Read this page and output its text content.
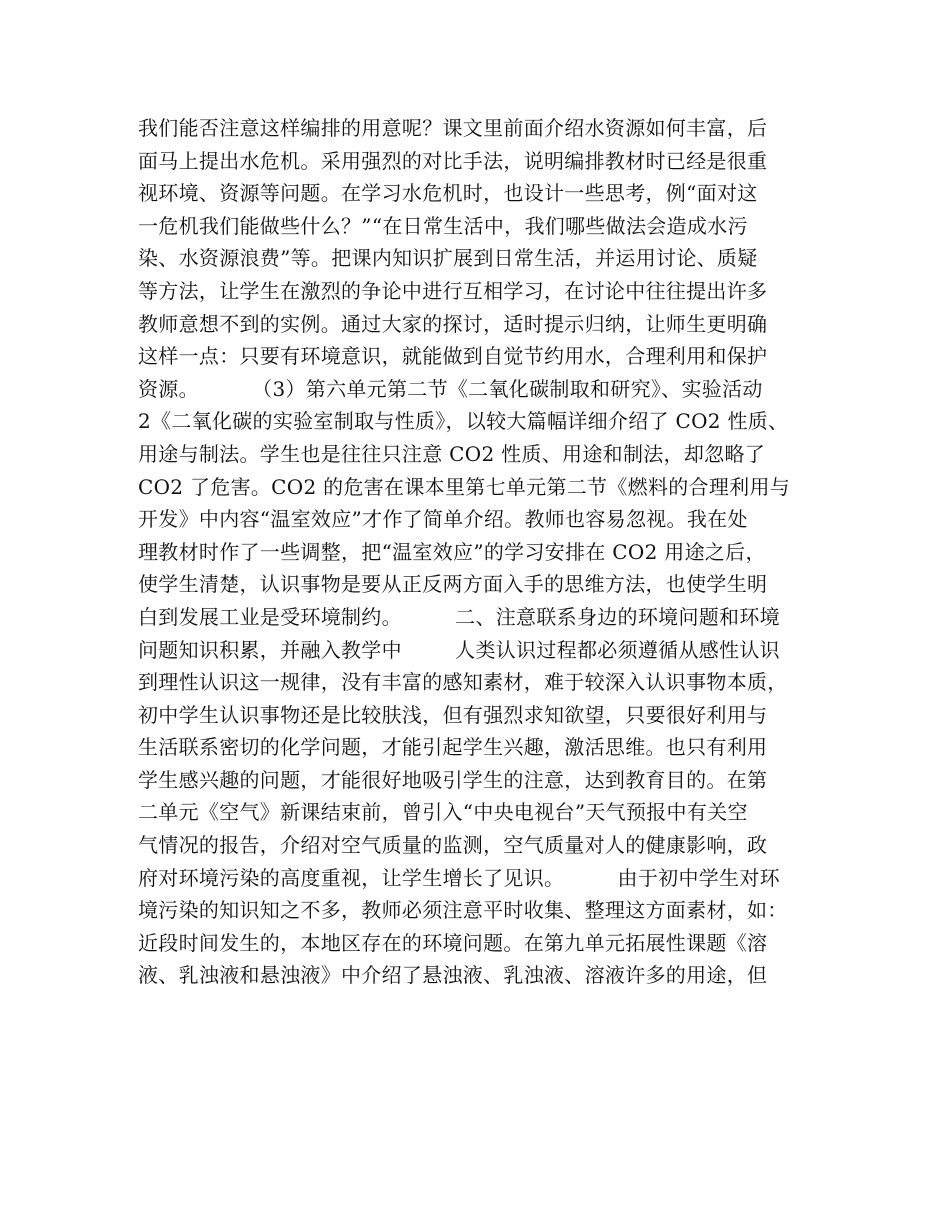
我们能否注意这样编排的用意呢？课文里前面介绍水资源如何丰富，后
面马上提出水危机。采用强烈的对比手法，说明编排教材时已经是很重
视环境、资源等问题。在学习水危机时，也设计一些思考，例“面对这
一危机我们能做些什么？”“在日常生活中，我们哪些做法会造成水污
染、水资源浪费”等。把课内知识扩展到日常生活，并运用讨论、质疑
等方法，让学生在激烈的争论中进行互相学习，在讨论中往往提出许多
教师意想不到的实例。通过大家的探讨，适时提示归纳，让师生更明确
这样一点：只要有环境意识，就能做到自觉节约用水，合理利用和保护
资源。        （3）第六单元第二节《二氧化碳制取和研究》、实验活动
2《二氧化碳的实验室制取与性质》，以较大篇幅详细介绍了 CO2 性质、
用途与制法。学生也是往往只注意 CO2 性质、用途和制法，却忽略了
CO2 了危害。CO2 的危害在课本里第七单元第二节《燃料的合理利用与
开发》中内容“温室效应”才作了简单介绍。教师也容易忽视。我在处
理教材时作了一些调整，把“温室效应”的学习安排在 CO2 用途之后，
使学生清楚，认识事物是要从正反两方面入手的思维方法，也使学生明
白到发展工业是受环境制约。        二、注意联系身边的环境问题和环境
问题知识积累，并融入教学中        人类认识过程都必须遵循从感性认识
到理性认识这一规律，没有丰富的感知素材，难于较深入认识事物本质，
初中学生认识事物还是比较肤浅，但有强烈求知欲望，只要很好利用与
生活联系密切的化学问题，才能引起学生兴趣，激活思维。也只有利用
学生感兴趣的问题，才能很好地吸引学生的注意，达到教育目的。在第
二单元《空气》新课结束前，曾引入“中央电视台”天气预报中有关空
气情况的报告，介绍对空气质量的监测，空气质量对人的健康影响，政
府对环境污染的高度重视，让学生增长了见识。        由于初中学生对环
境污染的知识知之不多，教师必须注意平时收集、整理这方面素材，如：
近段时间发生的，本地区存在的环境问题。在第九单元拓展性课题《溶
液、乳浊液和悬浊液》中介绍了悬浊液、乳浊液、溶液许多的用途，但
